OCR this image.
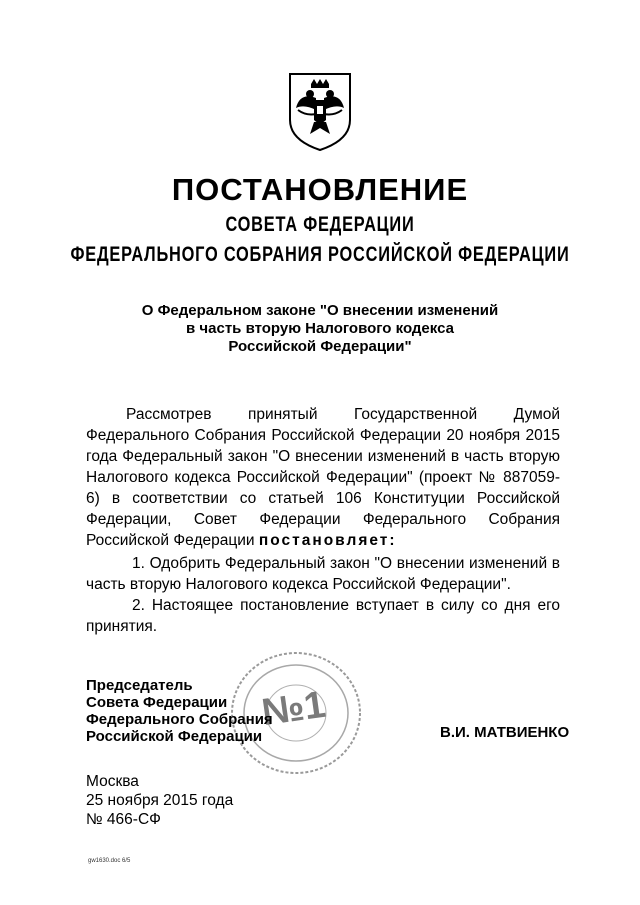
ПОСТАНОВЛЕНИЕ
СОВЕТА ФЕДЕРАЦИИ
ФЕДЕРАЛЬНОГО СОБРАНИЯ РОССИЙСКОЙ ФЕДЕРАЦИИ
О Федеральном законе "О внесении изменений
в часть вторую Налогового кодекса
Российской Федерации"
Рассмотрев принятый Государственной Думой Федерального Собрания Российской Федерации 20 ноября 2015 года Федеральный закон "О внесении изменений в часть вторую Налогового кодекса Российской Федерации" (проект № 887059-6) в соответствии со статьей 106 Конституции Российской Федерации, Совет Федерации Федерального Собрания Российской Федерации постановляет:
1. Одобрить Федеральный закон "О внесении изменений в часть вторую Налогового кодекса Российской Федерации".
2. Настоящее постановление вступает в силу со дня его принятия.
№1
Председатель
Совета Федерации
Федерального Собрания
Российской Федерации	В.И. МАТВИЕНКО
Москва
25 ноября 2015 года
№ 466-СФ
gw1630.doc 6/5
